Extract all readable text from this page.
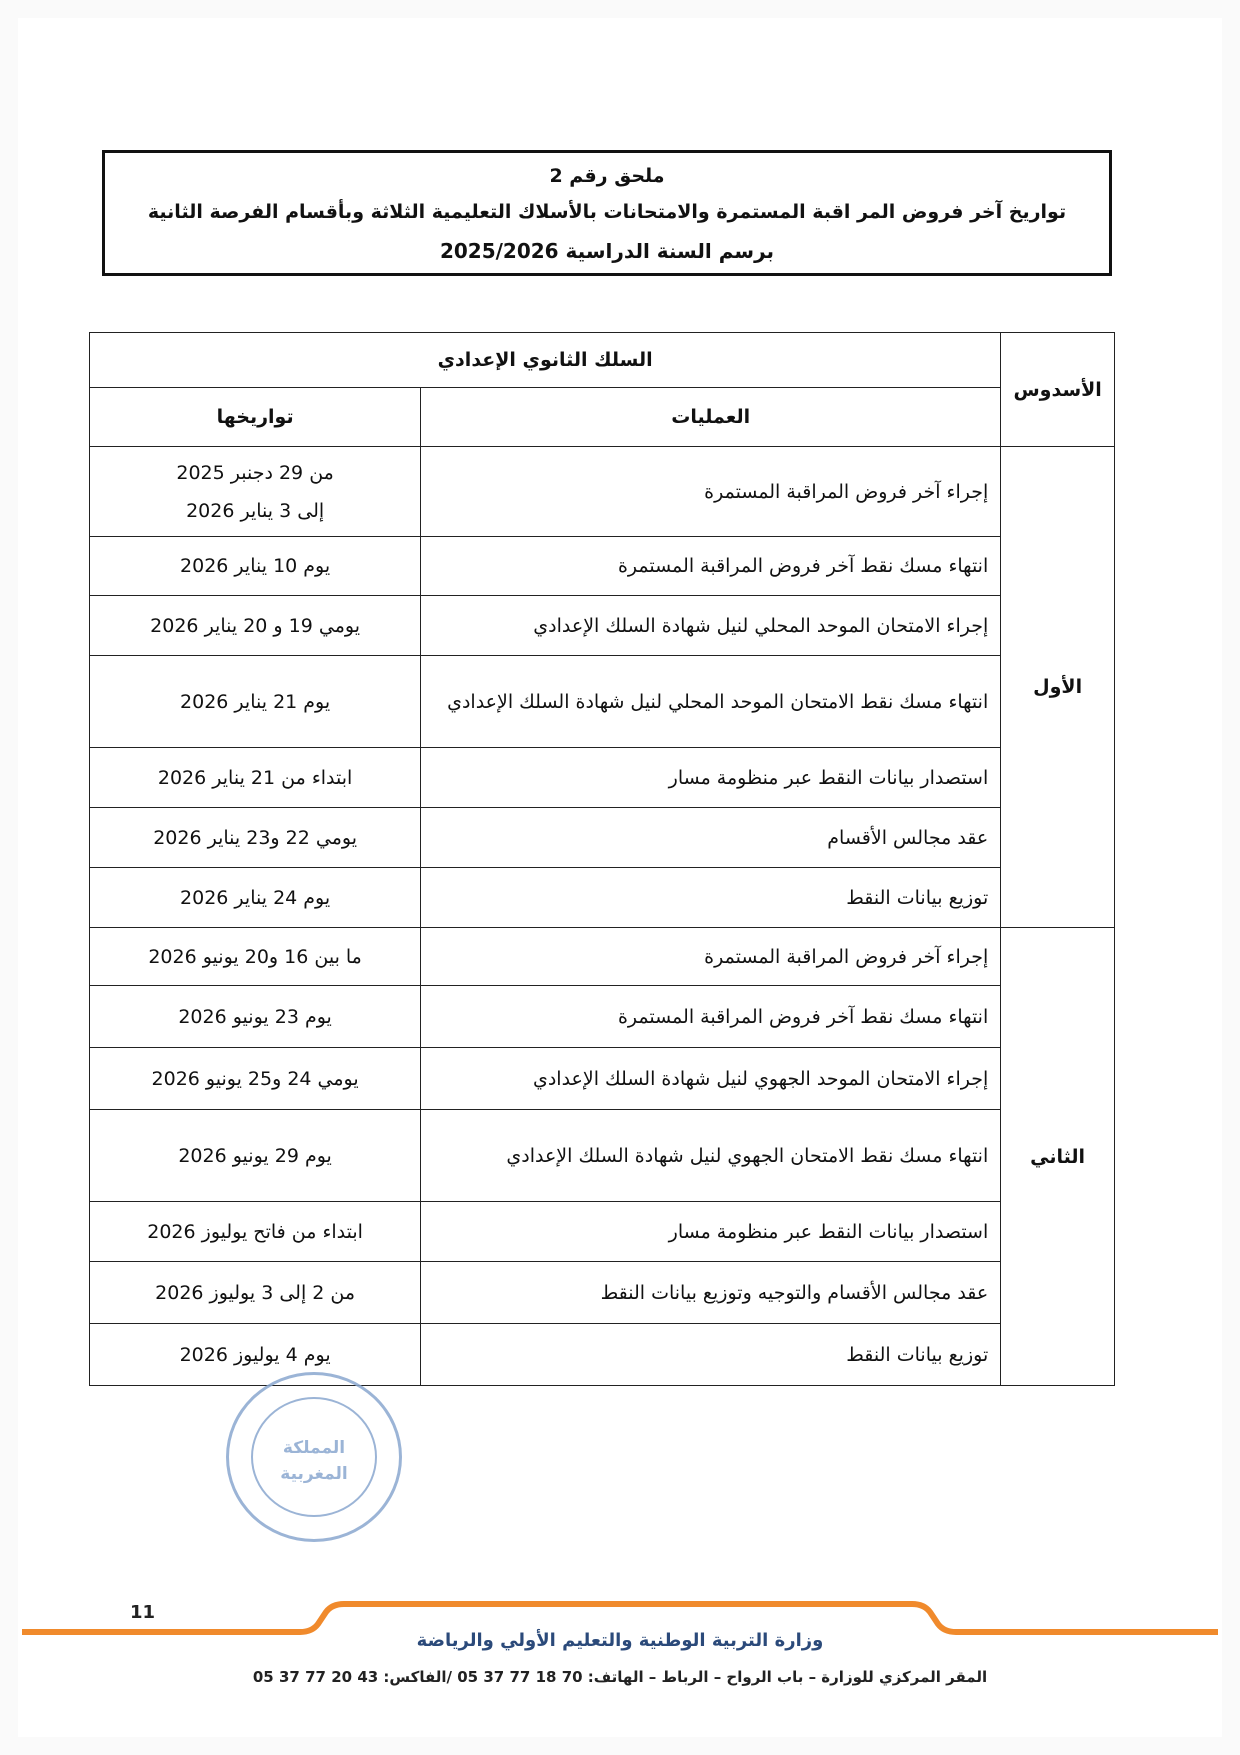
ملحق رقم 2
تواريخ آخر فروض المر اقبة المستمرة والامتحانات بالأسلاك التعليمية الثلاثة وبأقسام الفرصة الثانية
برسم السنة الدراسية 2025/2026
الأسدوس	السلك الثانوي الإعدادي	
	العمليات	تواريخها
الأول	إجراء آخر فروض المراقبة المستمرة	من 29 دجنبر 2025
إلى 3 يناير 2026

	انتهاء مسك نقط آخر فروض المراقبة المستمرة	يوم 10 يناير 2026
	إجراء الامتحان الموحد المحلي لنيل شهادة السلك الإعدادي	يومي 19 و 20 يناير 2026
	انتهاء مسك نقط الامتحان الموحد المحلي لنيل شهادة السلك الإعدادي	يوم 21 يناير 2026
	استصدار بيانات النقط عبر منظومة مسار	ابتداء من 21 يناير 2026
	عقد مجالس الأقسام	يومي 22 و23 يناير 2026
	توزيع بيانات النقط	يوم 24 يناير 2026
الثاني	إجراء آخر فروض المراقبة المستمرة	ما بين 16 و20 يونيو 2026
	انتهاء مسك نقط آخر فروض المراقبة المستمرة	يوم 23 يونيو 2026
	إجراء الامتحان الموحد الجهوي لنيل شهادة السلك الإعدادي	يومي 24 و25 يونيو 2026
	انتهاء مسك نقط الامتحان الجهوي لنيل شهادة السلك الإعدادي	يوم 29 يونيو 2026
	استصدار بيانات النقط عبر منظومة مسار	ابتداء من فاتح يوليوز 2026
	عقد مجالس الأقسام والتوجيه وتوزيع بيانات النقط	من 2 إلى 3 يوليوز 2026
	توزيع بيانات النقط	يوم 4 يوليوز 2026
المملكة
المغربية
11
وزارة التربية الوطنية والتعليم الأولي والرياضة
المقر المركزي للوزارة – باب الرواح – الرباط – الهاتف: 70 18 77 37 05 /الفاكس: 43 20 77 37 05
